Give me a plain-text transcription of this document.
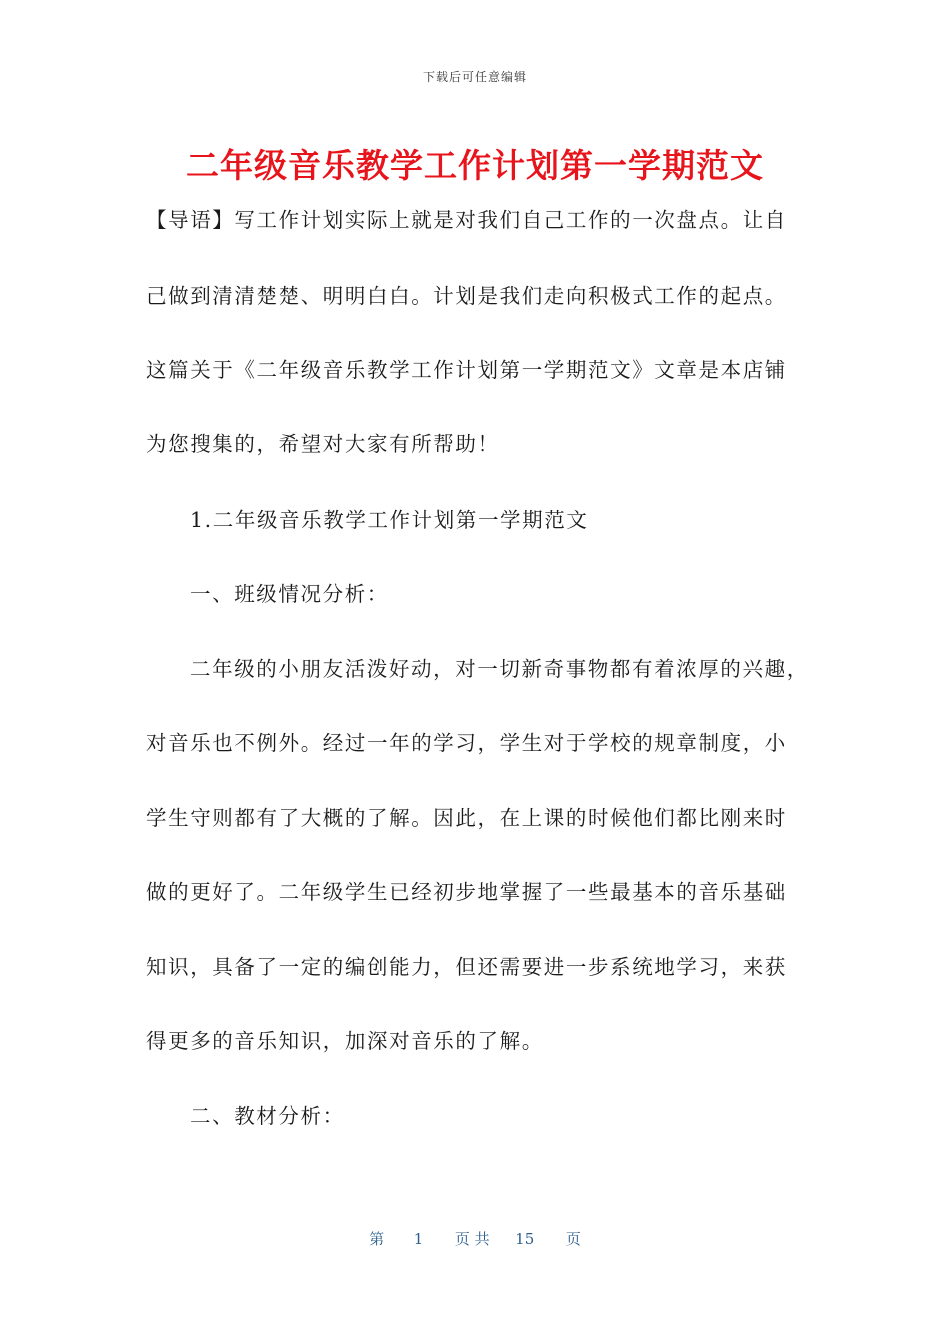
下载后可任意编辑
二年级音乐教学工作计划第一学期范文
【导语】写工作计划实际上就是对我们自己工作的一次盘点。让自
己做到清清楚楚、明明白白。计划是我们走向积极式工作的起点。
这篇关于《二年级音乐教学工作计划第一学期范文》文章是本店铺
为您搜集的，希望对大家有所帮助！
1.二年级音乐教学工作计划第一学期范文
一、班级情况分析：
二年级的小朋友活泼好动，对一切新奇事物都有着浓厚的兴趣，
对音乐也不例外。经过一年的学习，学生对于学校的规章制度，小
学生守则都有了大概的了解。因此，在上课的时候他们都比刚来时
做的更好了。二年级学生已经初步地掌握了一些最基本的音乐基础
知识，具备了一定的编创能力，但还需要进一步系统地学习，来获
得更多的音乐知识，加深对音乐的了解。
二、教材分析：
第 1 页 共 15 页
